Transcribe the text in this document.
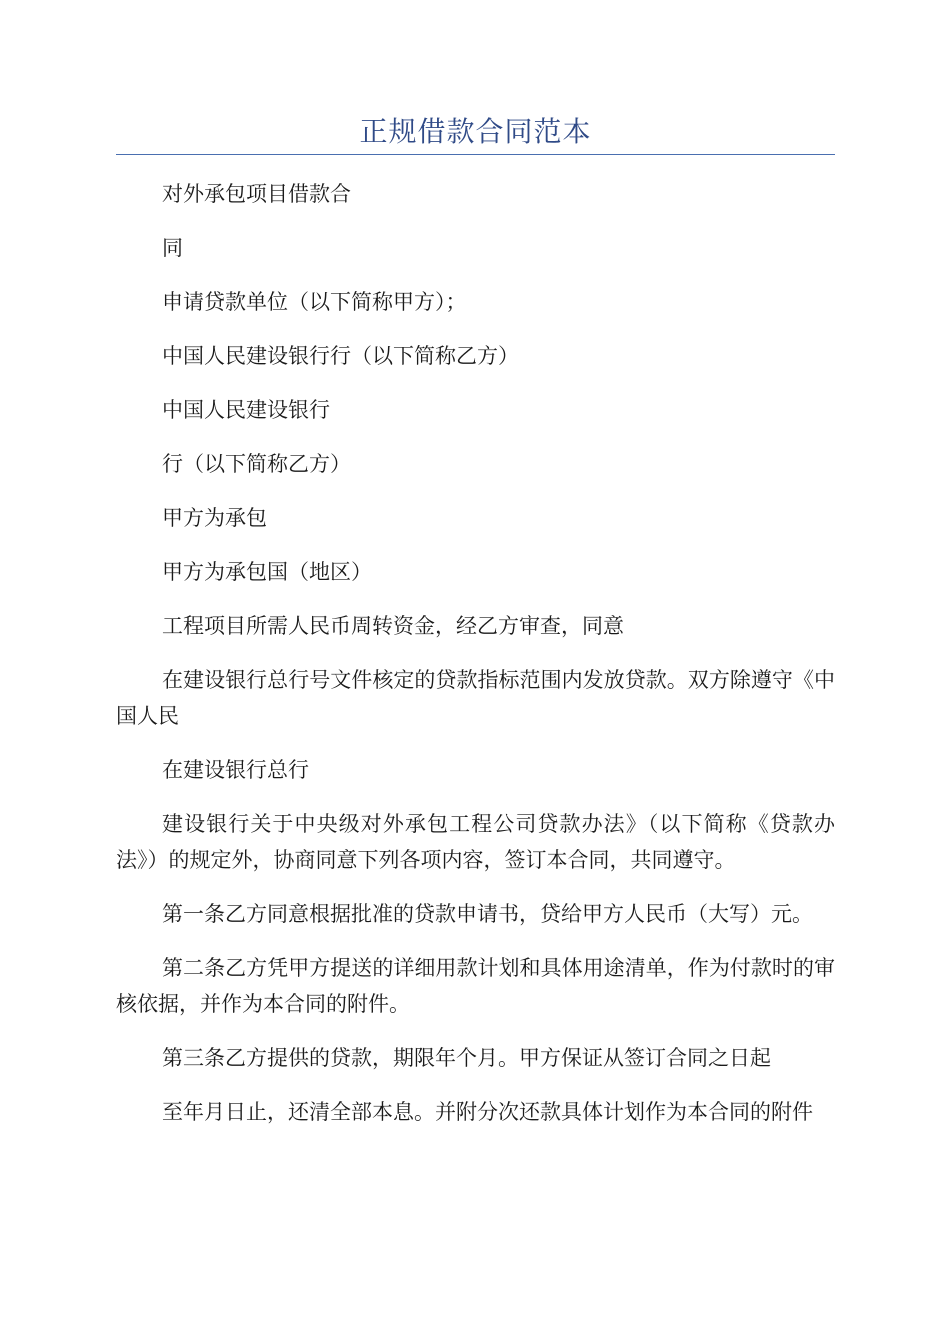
正规借款合同范本

对外承包项目借款合

同

申请贷款单位（以下简称甲方）；

中国人民建设银行行（以下简称乙方）

中国人民建设银行

行（以下简称乙方）

甲方为承包

甲方为承包国（地区）

工程项目所需人民币周转资金，经乙方审查，同意

在建设银行总行号文件核定的贷款指标范围内发放贷款。双方除遵守《中国人民

在建设银行总行

建设银行关于中央级对外承包工程公司贷款办法》（以下简称《贷款办法》）的规定外，协商同意下列各项内容，签订本合同，共同遵守。

第一条乙方同意根据批准的贷款申请书，贷给甲方人民币（大写）元。

第二条乙方凭甲方提送的详细用款计划和具体用途清单，作为付款时的审核依据，并作为本合同的附件。

第三条乙方提供的贷款，期限年个月。甲方保证从签订合同之日起

至年月日止，还清全部本息。并附分次还款具体计划作为本合同的附件
